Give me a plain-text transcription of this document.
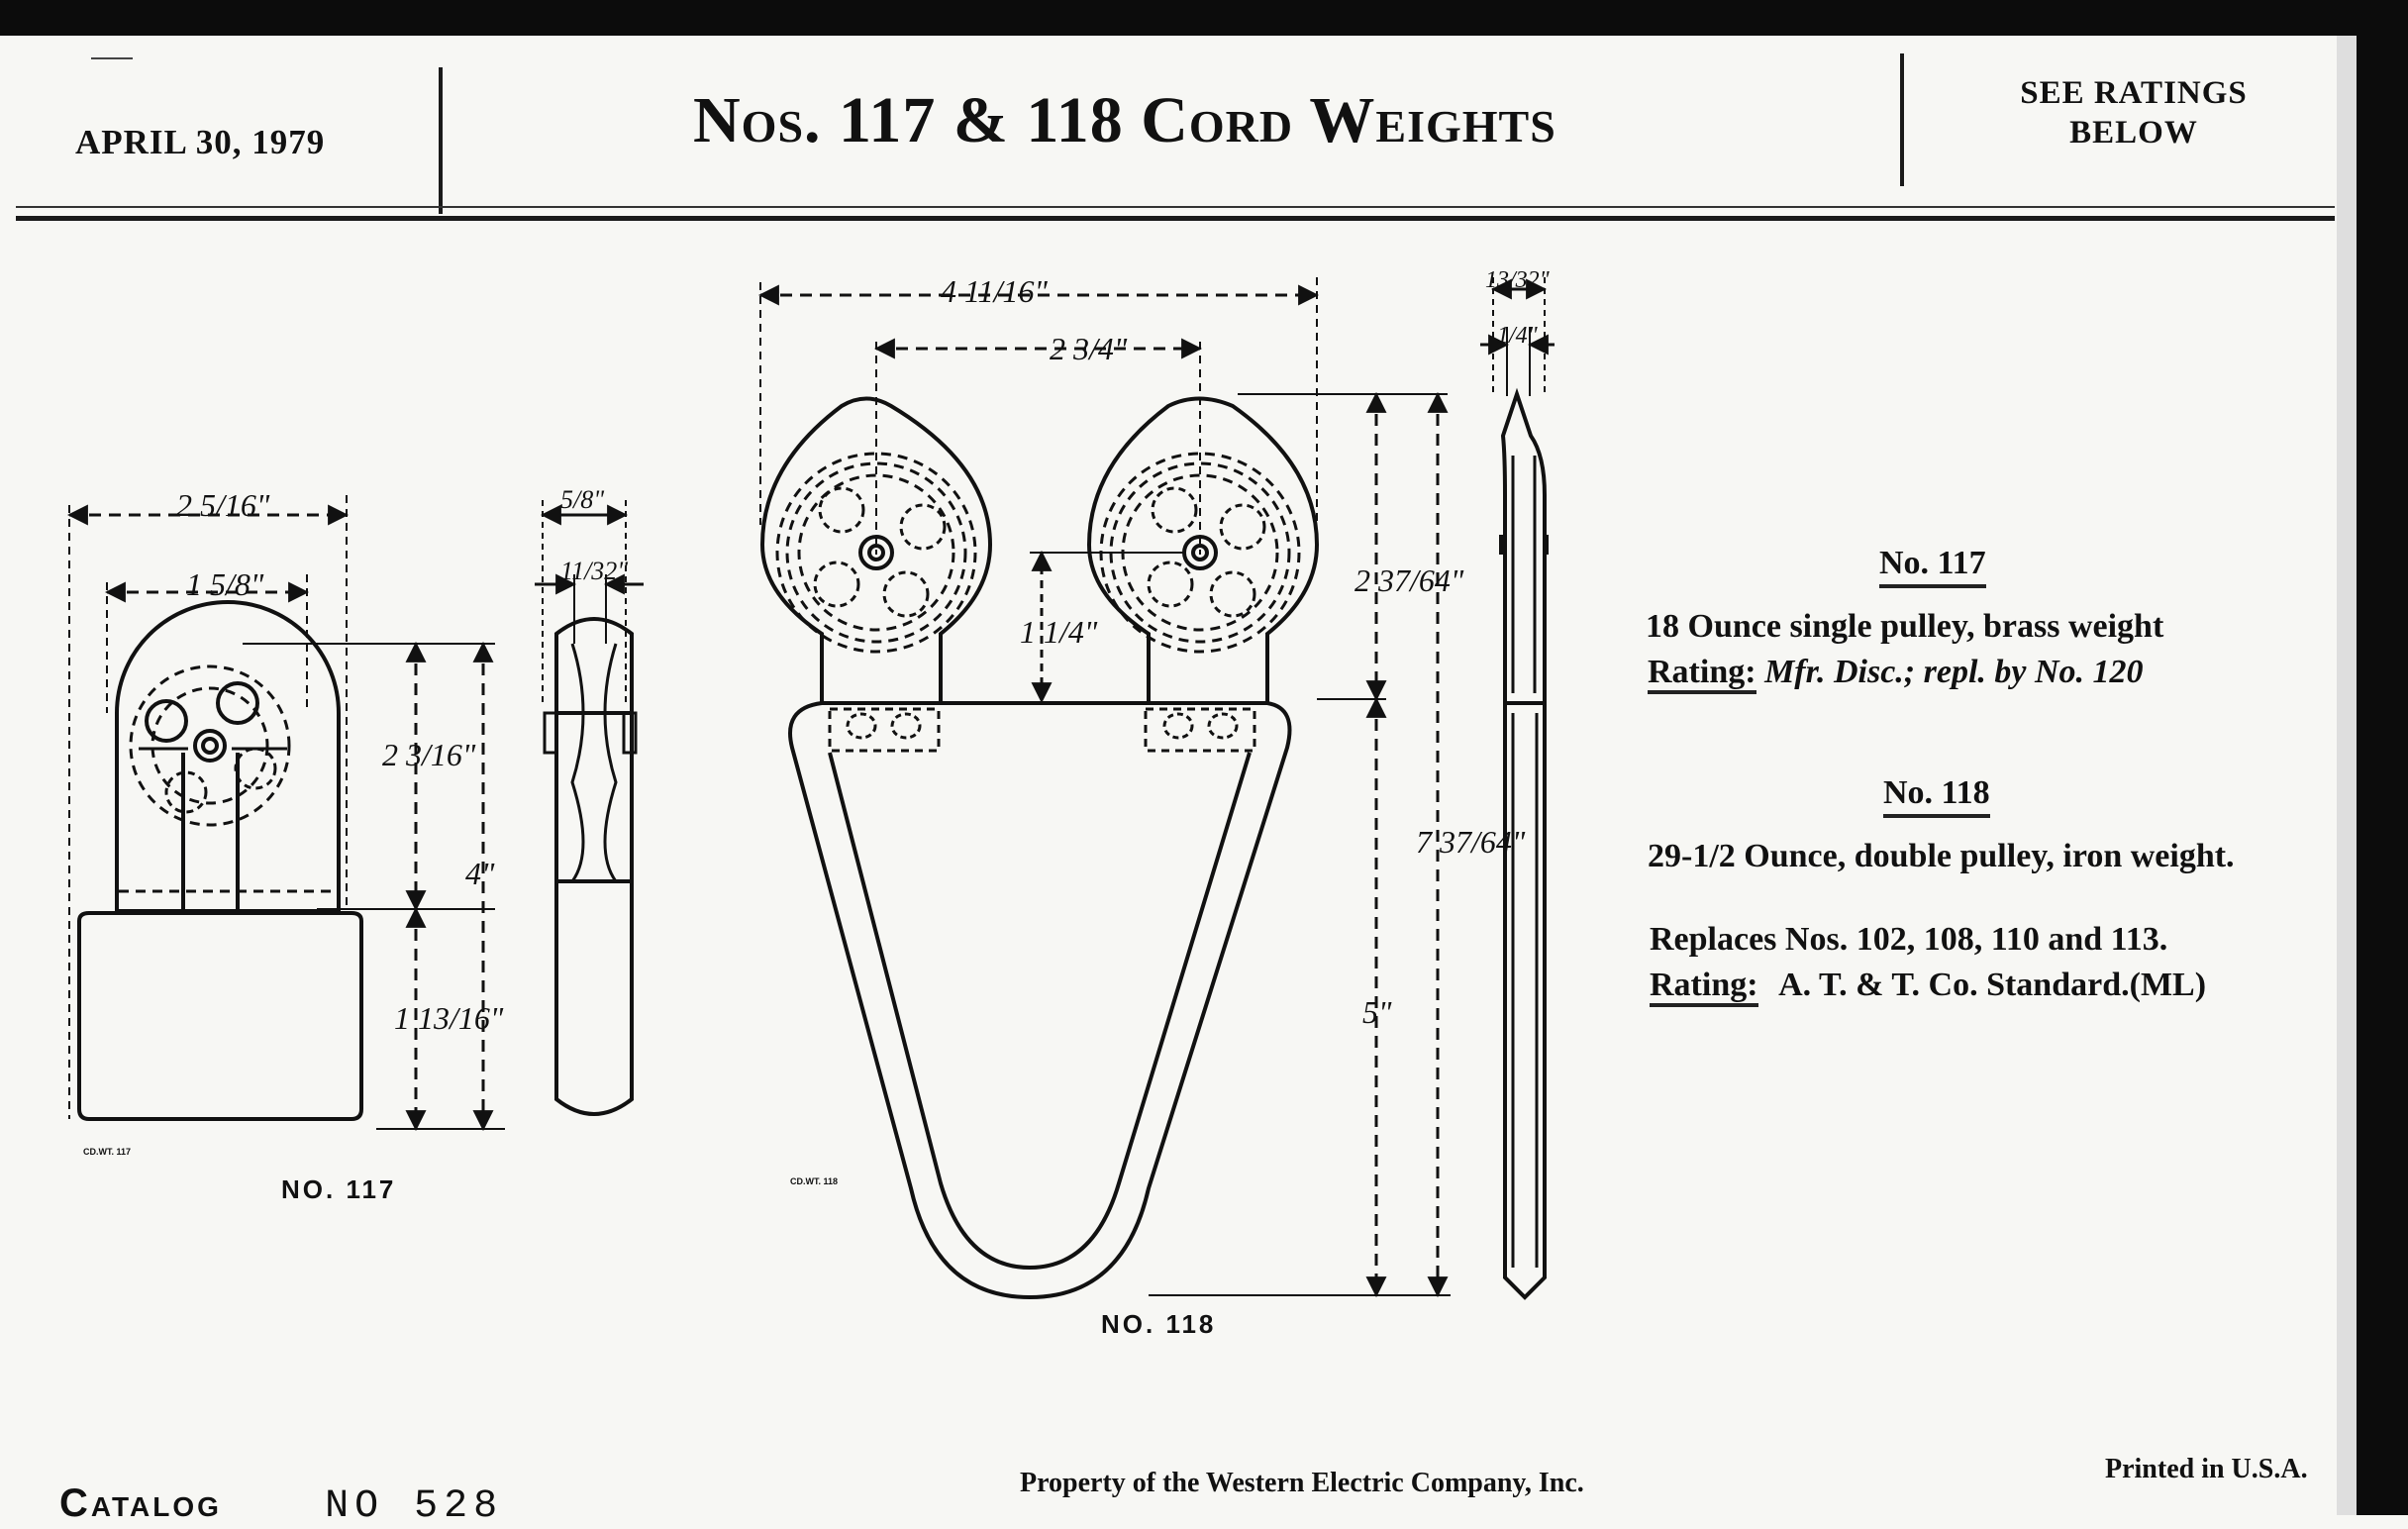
APRIL 30, 1979	Nos. 117 & 118 Cord Weights	SEE RATINGS
BELOW
2 5/16"
1 5/8"
2 3/16"
4"
1 13/16"
5/8"
11/32"
CD.WT. 117
NO. 117
4 11/16"
2 3/4"
1 1/4"
2 37/64"
7 37/64"
5"
13/32"
1/4"
CD.WT. 118
NO. 118
No. 117
18 Ounce single pulley, brass weight
Rating: Mfr. Disc.; repl. by No. 120
No. 118
29-1/2 Ounce, double pulley, iron weight.
Replaces Nos. 102, 108, 110 and 113.
Rating: A. T. & T. Co. Standard.(ML)
Catalog	NO 528
Property of the Western Electric Company, Inc.	Printed in U.S.A.
